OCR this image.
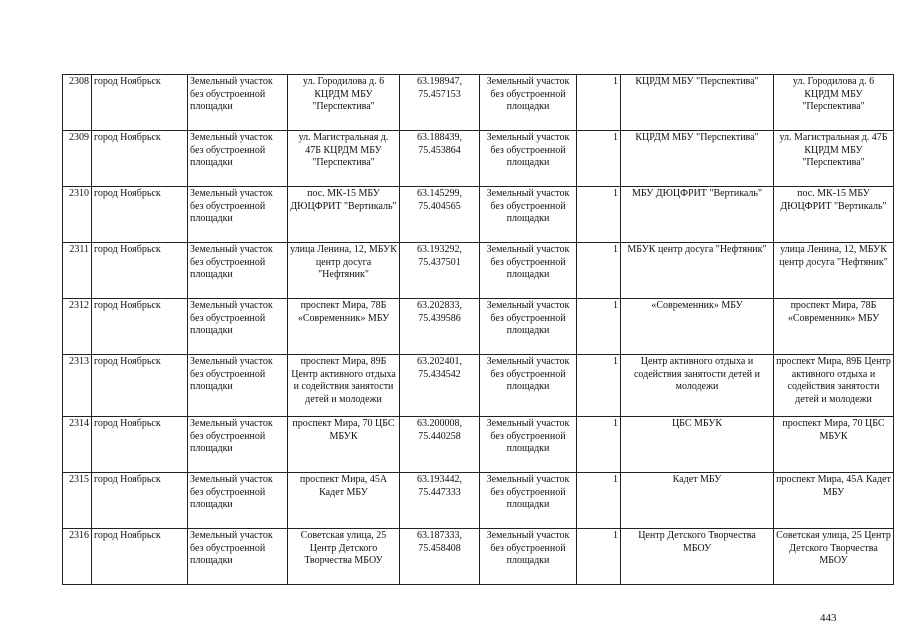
2308	город Ноябрьск	Земельный участок без обустроенной площадки	ул. Городилова д. 6 КЦРДМ МБУ "Перспектива"	63.198947, 75.457153	Земельный участок без обустроенной площадки	1	КЦРДМ МБУ "Перспектива"	ул. Городилова д. 6 КЦРДМ МБУ "Перспектива"
2309	город Ноябрьск	Земельный участок без обустроенной площадки	ул. Магистральная д. 47Б КЦРДМ МБУ "Перспектива"	63.188439, 75.453864	Земельный участок без обустроенной площадки	1	КЦРДМ МБУ "Перспектива"	ул. Магистральная д. 47Б КЦРДМ МБУ "Перспектива"
2310	город Ноябрьск	Земельный участок без обустроенной площадки	пос. МК-15 МБУ ДЮЦФРИТ "Вертикаль"	63.145299, 75.404565	Земельный участок без обустроенной площадки	1	МБУ ДЮЦФРИТ "Вертикаль"	пос. МК-15 МБУ ДЮЦФРИТ "Вертикаль"
2311	город Ноябрьск	Земельный участок без обустроенной площадки	улица Ленина, 12, МБУК центр досуга "Нефтяник"	63.193292, 75.437501	Земельный участок без обустроенной площадки	1	МБУК центр досуга "Нефтяник"	улица Ленина, 12, МБУК центр досуга "Нефтяник"
2312	город Ноябрьск	Земельный участок без обустроенной площадки	проспект Мира, 78Б «Современник» МБУ	63.202833, 75.439586	Земельный участок без обустроенной площадки	1	«Современник» МБУ	проспект Мира, 78Б «Современник» МБУ
2313	город Ноябрьск	Земельный участок без обустроенной площадки	проспект Мира, 89Б Центр активного отдыха и содействия занятости детей и молодежи	63.202401, 75.434542	Земельный участок без обустроенной площадки	1	Центр активного отдыха и содействия занятости детей и молодежи	проспект Мира, 89Б Центр активного отдыха и содействия занятости детей и молодежи
2314	город Ноябрьск	Земельный участок без обустроенной площадки	проспект Мира, 70 ЦБС МБУК	63.200008, 75.440258	Земельный участок без обустроенной площадки	1	ЦБС МБУК	проспект Мира, 70 ЦБС МБУК
2315	город Ноябрьск	Земельный участок без обустроенной площадки	проспект Мира, 45А Кадет МБУ	63.193442, 75.447333	Земельный участок без обустроенной площадки	1	Кадет МБУ	проспект Мира, 45А Кадет МБУ
2316	город Ноябрьск	Земельный участок без обустроенной площадки	Советская улица, 25 Центр Детского Творчества МБОУ	63.187333, 75.458408	Земельный участок без обустроенной площадки	1	Центр Детского Творчества МБОУ	Советская улица, 25 Центр Детского Творчества МБОУ
443
